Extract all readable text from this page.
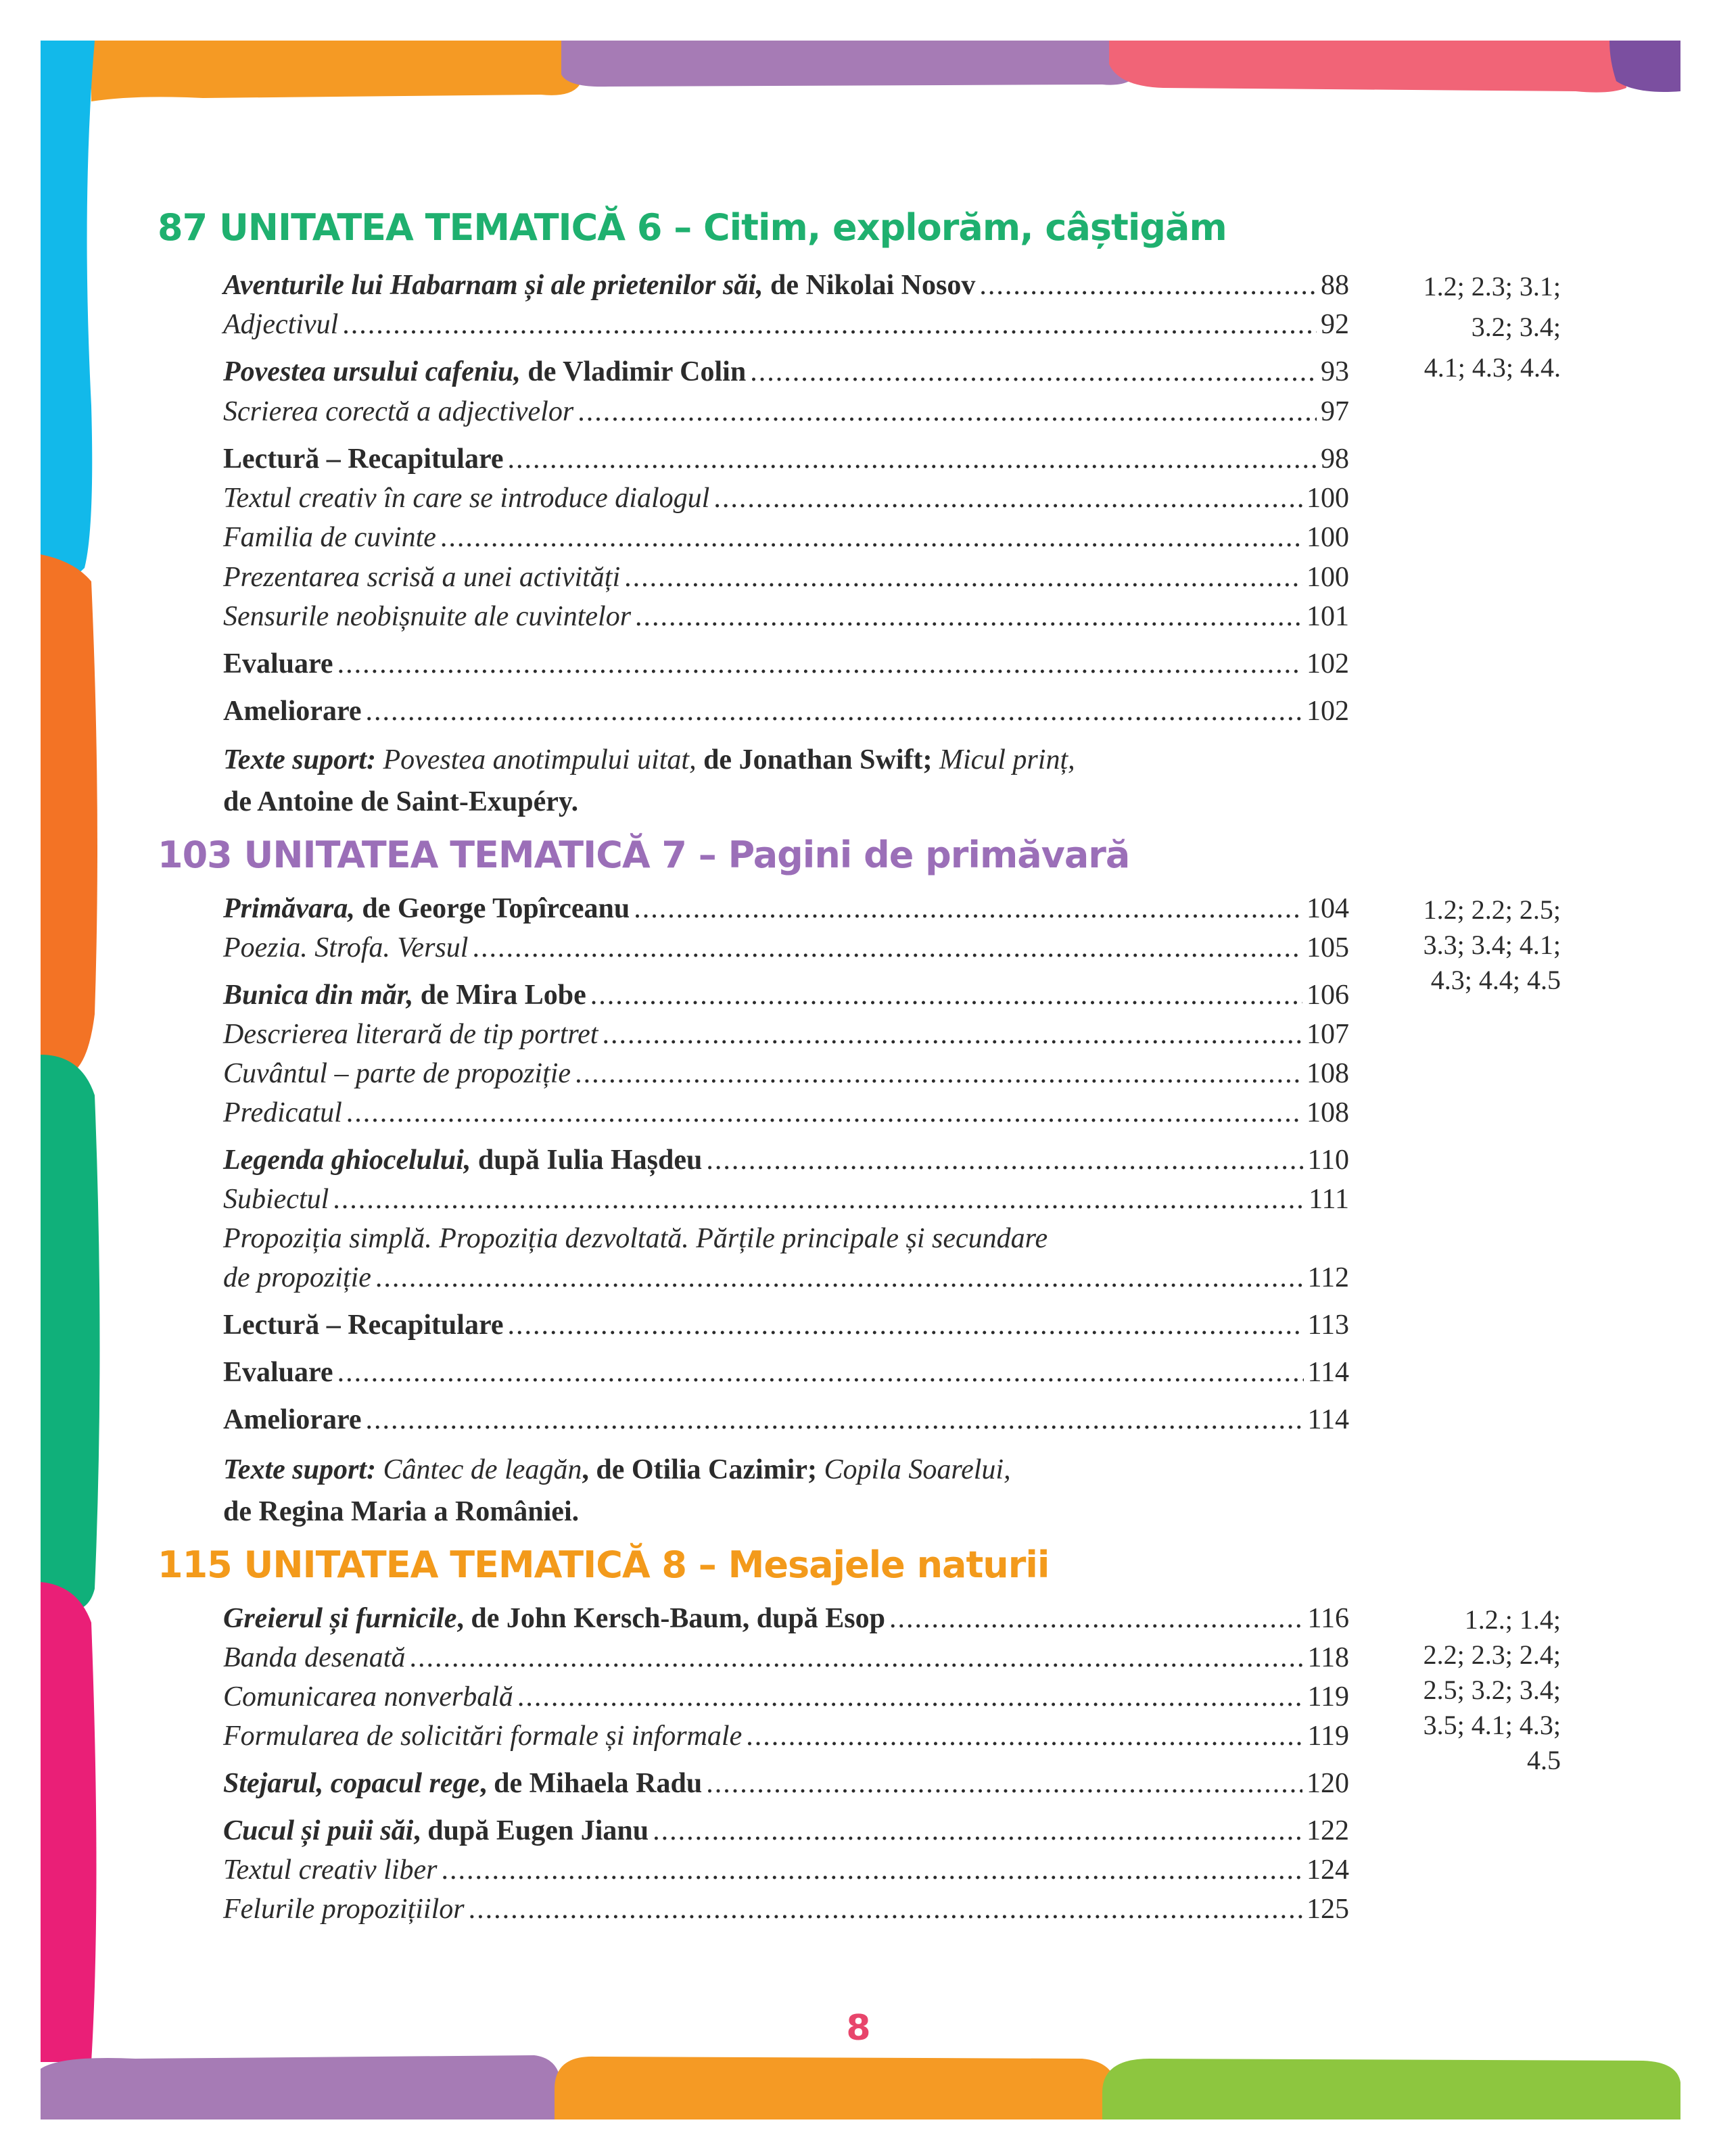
87 UNITATEA TEMATICĂ 6 – Citim, explorăm, câștigăm
Aventurile lui Habarnam și ale prietenilor săi, de Nikolai Nosov .....	88
Adjectivul .....	92
Povestea ursului cafeniu, de Vladimir Colin .....	93
Scrierea corectă a adjectivelor .....	97
Lectură – Recapitulare .....	98
Textul creativ în care se introduce dialogul .....	100
Familia de cuvinte .....	100
Prezentarea scrisă a unei activități .....	100
Sensurile neobișnuite ale cuvintelor .....	101
Evaluare .....	102
Ameliorare .....	102
Texte suport: Povestea anotimpului uitat, de Jonathan Swift; Micul prinț,
de Antoine de Saint-Exupéry.
1.2; 2.3; 3.1;
3.2; 3.4;
4.1; 4.3; 4.4.
103 UNITATEA TEMATICĂ 7 – Pagini de primăvară
Primăvara, de George Topîrceanu .....	104
Poezia. Strofa. Versul .....	105
Bunica din măr, de Mira Lobe .....	106
Descrierea literară de tip portret .....	107
Cuvântul – parte de propoziție .....	108
Predicatul .....	108
Legenda ghiocelului, după Iulia Hașdeu .....	110
Subiectul .....	111
Propoziția simplă. Propoziția dezvoltată. Părțile principale și secundare
de propoziție .....	112
Lectură – Recapitulare .....	113
Evaluare .....	114
Ameliorare .....	114
Texte suport: Cântec de leagăn, de Otilia Cazimir; Copila Soarelui,
de Regina Maria a României.
1.2; 2.2; 2.5;
3.3; 3.4; 4.1;
4.3; 4.4; 4.5
115 UNITATEA TEMATICĂ 8 – Mesajele naturii
Greierul și furnicile, de John Kersch-Baum, după Esop .....	116
Banda desenată .....	118
Comunicarea nonverbală .....	119
Formularea de solicitări formale și informale .....	119
Stejarul, copacul rege, de Mihaela Radu .....	120
Cucul și puii săi, după Eugen Jianu .....	122
Textul creativ liber .....	124
Felurile propozițiilor .....	125
1.2.; 1.4;
2.2; 2.3; 2.4;
2.5; 3.2; 3.4;
3.5; 4.1; 4.3;
4.5
8
